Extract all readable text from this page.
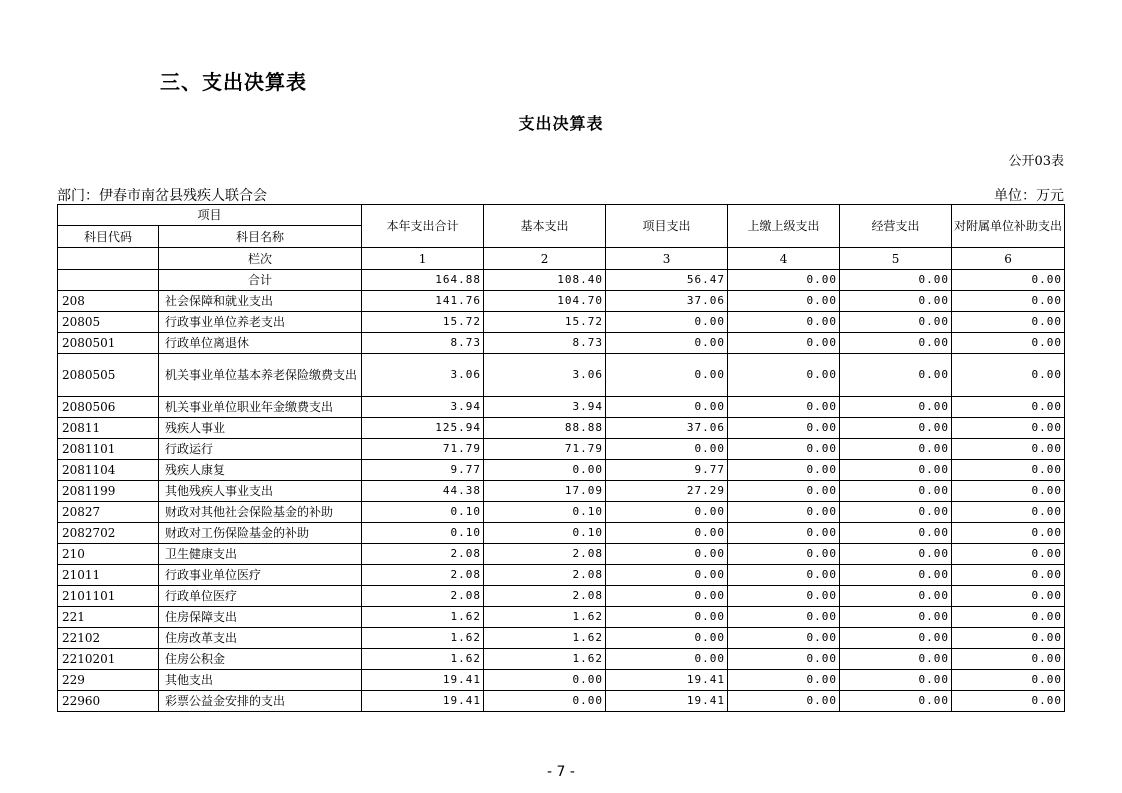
三、支出决算表
支出决算表
公开03表
部门：伊春市南岔县残疾人联合会	单位：万元
项目		本年支出合计	基本支出	项目支出	上缴上级支出	经营支出	对附属单位补助支出
科目代码	科目名称						
	栏次	1	2	3	4	5	6
	合计	164.88	108.40	56.47	0.00	0.00	0.00
208	社会保障和就业支出	141.76	104.70	37.06	0.00	0.00	0.00
20805	行政事业单位养老支出	15.72	15.72	0.00	0.00	0.00	0.00
2080501	行政单位离退休	8.73	8.73	0.00	0.00	0.00	0.00
2080505	机关事业单位基本养老保险缴费支出	3.06	3.06	0.00	0.00	0.00	0.00
2080506	机关事业单位职业年金缴费支出	3.94	3.94	0.00	0.00	0.00	0.00
20811	残疾人事业	125.94	88.88	37.06	0.00	0.00	0.00
2081101	行政运行	71.79	71.79	0.00	0.00	0.00	0.00
2081104	残疾人康复	9.77	0.00	9.77	0.00	0.00	0.00
2081199	其他残疾人事业支出	44.38	17.09	27.29	0.00	0.00	0.00
20827	财政对其他社会保险基金的补助	0.10	0.10	0.00	0.00	0.00	0.00
2082702	财政对工伤保险基金的补助	0.10	0.10	0.00	0.00	0.00	0.00
210	卫生健康支出	2.08	2.08	0.00	0.00	0.00	0.00
21011	行政事业单位医疗	2.08	2.08	0.00	0.00	0.00	0.00
2101101	行政单位医疗	2.08	2.08	0.00	0.00	0.00	0.00
221	住房保障支出	1.62	1.62	0.00	0.00	0.00	0.00
22102	住房改革支出	1.62	1.62	0.00	0.00	0.00	0.00
2210201	住房公积金	1.62	1.62	0.00	0.00	0.00	0.00
229	其他支出	19.41	0.00	19.41	0.00	0.00	0.00
22960	彩票公益金安排的支出	19.41	0.00	19.41	0.00	0.00	0.00
- 7 -
